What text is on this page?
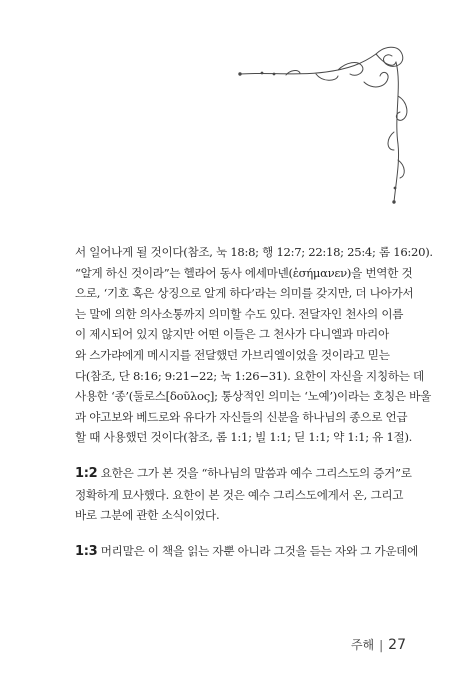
서 일어나게 될 것이다(참조, 눅 18:8; 행 12:7; 22:18; 25:4; 롬 16:20).
“알게 하신 것이라”는 헬라어 동사 에세마넨(ἐσήμανεν)을 번역한 것
으로, ‘기호 혹은 상징으로 알게 하다’라는 의미를 갖지만, 더 나아가서
는 말에 의한 의사소통까지 의미할 수도 있다. 전달자인 천사의 이름
이 제시되어 있지 않지만 어떤 이들은 그 천사가 다니엘과 마리아
와 스가랴에게 메시지를 전달했던 가브리엘이었을 것이라고 믿는
다(참조, 단 8:16; 9:21−22; 눅 1:26−31). 요한이 자신을 지칭하는 데
사용한 ‘종’(둘로스[δοῦλος]; 통상적인 의미는 ‘노예’)이라는 호칭은 바울
과 야고보와 베드로와 유다가 자신들의 신분을 하나님의 종으로 언급
할 때 사용했던 것이다(참조, 롬 1:1; 빌 1:1; 딛 1:1; 약 1:1; 유 1절).
1:2 요한은 그가 본 것을 “하나님의 말씀과 예수 그리스도의 증거”로
정확하게 묘사했다. 요한이 본 것은 예수 그리스도에게서 온, 그리고
바로 그분에 관한 소식이었다.
1:3 머리말은 이 책을 읽는 자뿐 아니라 그것을 듣는 자와 그 가운데에
주해 | 27
